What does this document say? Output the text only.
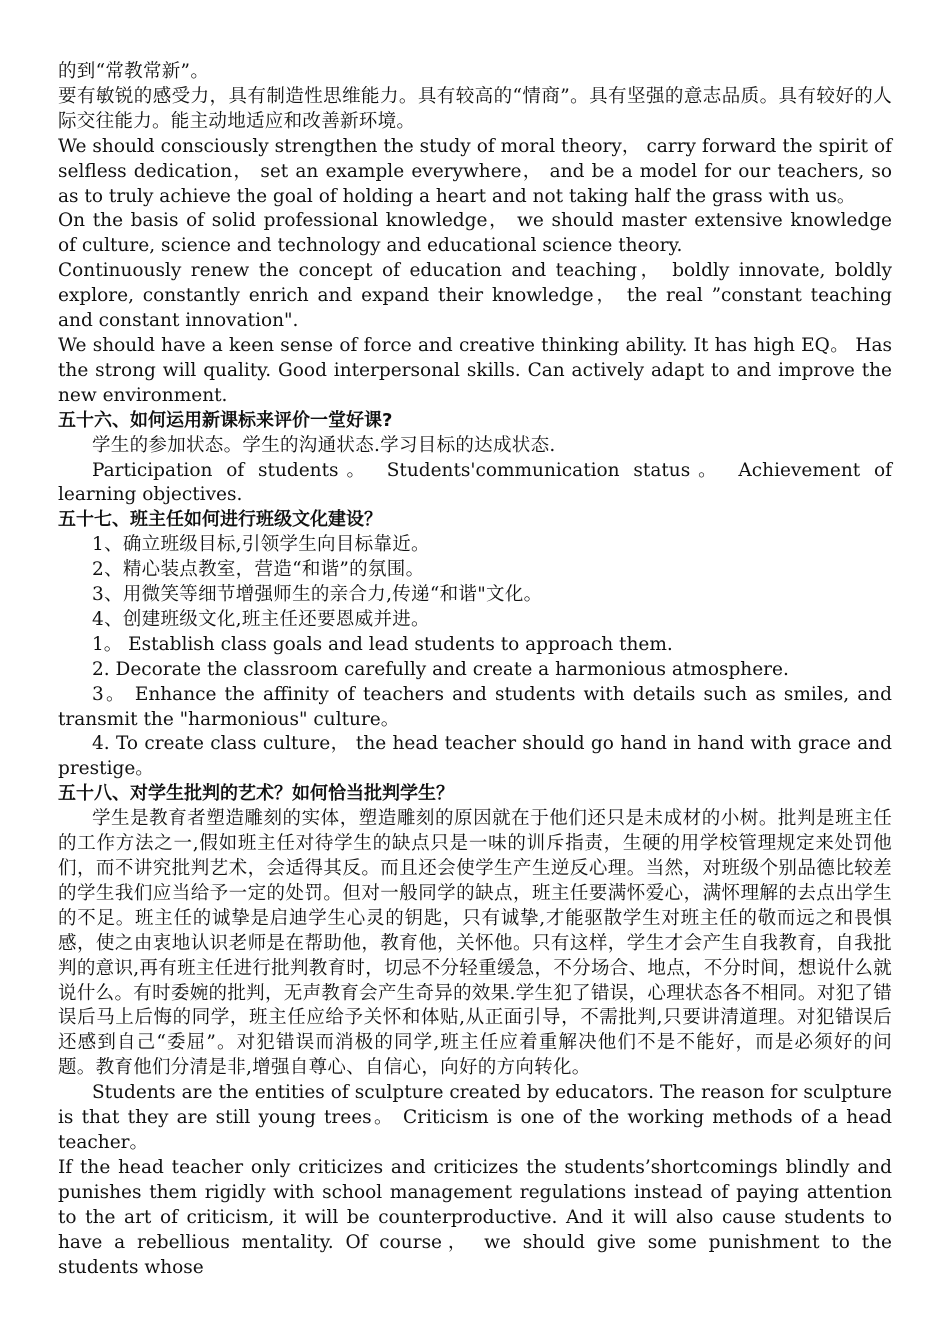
的到“常教常新”。

要有敏锐的感受力，具有制造性思维能力。具有较高的“情商”。具有坚强的意志品质。具有较好的人际交往能力。能主动地适应和改善新环境。

We should consciously strengthen the study of moral theory， carry forward the spirit of selfless dedication， set an example everywhere， and be a model for our teachers, so as to truly achieve the goal of holding a heart and not taking half the grass with us。

On the basis of solid professional knowledge， we should master extensive knowledge of culture, science and technology and educational science theory.

Continuously renew the concept of education and teaching， boldly innovate, boldly explore, constantly enrich and expand their knowledge， the real ”constant teaching and constant innovation".

We should have a keen sense of force and creative thinking ability. It has high EQ。 Has the strong will quality. Good interpersonal skills. Can actively adapt to and improve the new environment.

五十六、如何运用新课标来评价一堂好课?

学生的参加状态。学生的沟通状态.学习目标的达成状态.

Participation of students。 Students'communication status。 Achievement of learning objectives.

五十七、班主任如何进行班级文化建设？

1、确立班级目标,引领学生向目标靠近。

2、精心装点教室，营造“和谐”的氛围。

3、用微笑等细节增强师生的亲合力,传递“和谐"文化。

4、创建班级文化,班主任还要恩威并进。

1。 Establish class goals and lead students to approach them.

2. Decorate the classroom carefully and create a harmonious atmosphere.

3。 Enhance the affinity of teachers and students with details such as smiles, and transmit the "harmonious" culture。

4. To create class culture， the head teacher should go hand in hand with grace and prestige。

五十八、对学生批判的艺术？如何恰当批判学生？

学生是教育者塑造雕刻的实体，塑造雕刻的原因就在于他们还只是未成材的小树。批判是班主任的工作方法之一,假如班主任对待学生的缺点只是一味的训斥指责，生硬的用学校管理规定来处罚他们，而不讲究批判艺术，会适得其反。而且还会使学生产生逆反心理。当然，对班级个别品德比较差的学生我们应当给予一定的处罚。但对一般同学的缺点，班主任要满怀爱心，满怀理解的去点出学生的不足。班主任的诚挚是启迪学生心灵的钥匙，只有诚挚,才能驱散学生对班主任的敬而远之和畏惧感，使之由衷地认识老师是在帮助他，教育他，关怀他。只有这样，学生才会产生自我教育，自我批判的意识,再有班主任进行批判教育时，切忌不分轻重缓急，不分场合、地点，不分时间，想说什么就说什么。有时委婉的批判，无声教育会产生奇异的效果.学生犯了错误，心理状态各不相同。对犯了错误后马上后悔的同学，班主任应给予关怀和体贴,从正面引导，不需批判,只要讲清道理。对犯错误后还感到自己“委屈”。对犯错误而消极的同学,班主任应着重解决他们不是不能好，而是必须好的问题。教育他们分清是非,增强自尊心、自信心，向好的方向转化。

Students are the entities of sculpture created by educators. The reason for sculpture is that they are still young trees。 Criticism is one of the working methods of a head teacher。

If the head teacher only criticizes and criticizes the students’shortcomings blindly and punishes them rigidly with school management regulations instead of paying attention to the art of criticism, it will be counterproductive. And it will also cause students to have a rebellious mentality. Of course， we should give some punishment to the students whose
